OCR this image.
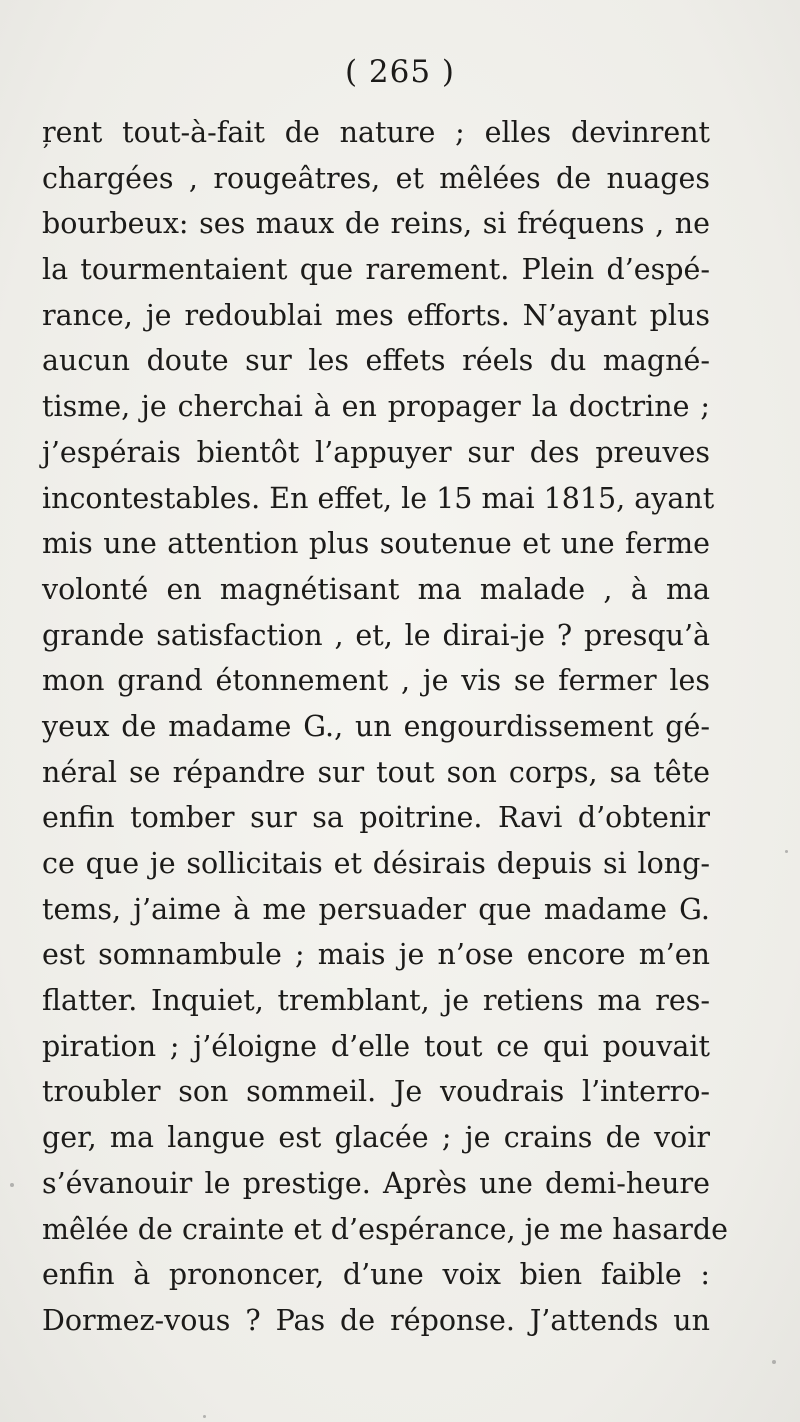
( 265 )
ŗent tout-à-fait de nature ; elles devinrent
chargées , rougeâtres, et mêlées de nuages
bourbeux: ses maux de reins, si fréquens , ne
la tourmentaient que rarement. Plein d’espé-
rance, je redoublai mes efforts. N’ayant plus
aucun doute sur les effets réels du magné-
tisme, je cherchai à en propager la doctrine ;
j’espérais bientôt l’appuyer sur des preuves
incontestables. En effet, le 15 mai 1815, ayant
mis une attention plus soutenue et une ferme
volonté en magnétisant ma malade , à ma
grande satisfaction , et, le dirai-je ? presqu’à
mon grand étonnement , je vis se fermer les
yeux de madame G., un engourdissement gé-
néral se répandre sur tout son corps, sa tête
enfin tomber sur sa poitrine. Ravi d’obtenir
ce que je sollicitais et désirais depuis si long-
tems, j’aime à me persuader que madame G.
est somnambule ; mais je n’ose encore m’en
flatter. Inquiet, tremblant, je retiens ma res-
piration ; j’éloigne d’elle tout ce qui pouvait
troubler son sommeil. Je voudrais l’interro-
ger, ma langue est glacée ; je crains de voir
s’évanouir le prestige. Après une demi-heure
mêlée de crainte et d’espérance, je me hasarde
enfin à prononcer, d’une voix bien faible :
Dormez-vous ? Pas de réponse. J’attends un
